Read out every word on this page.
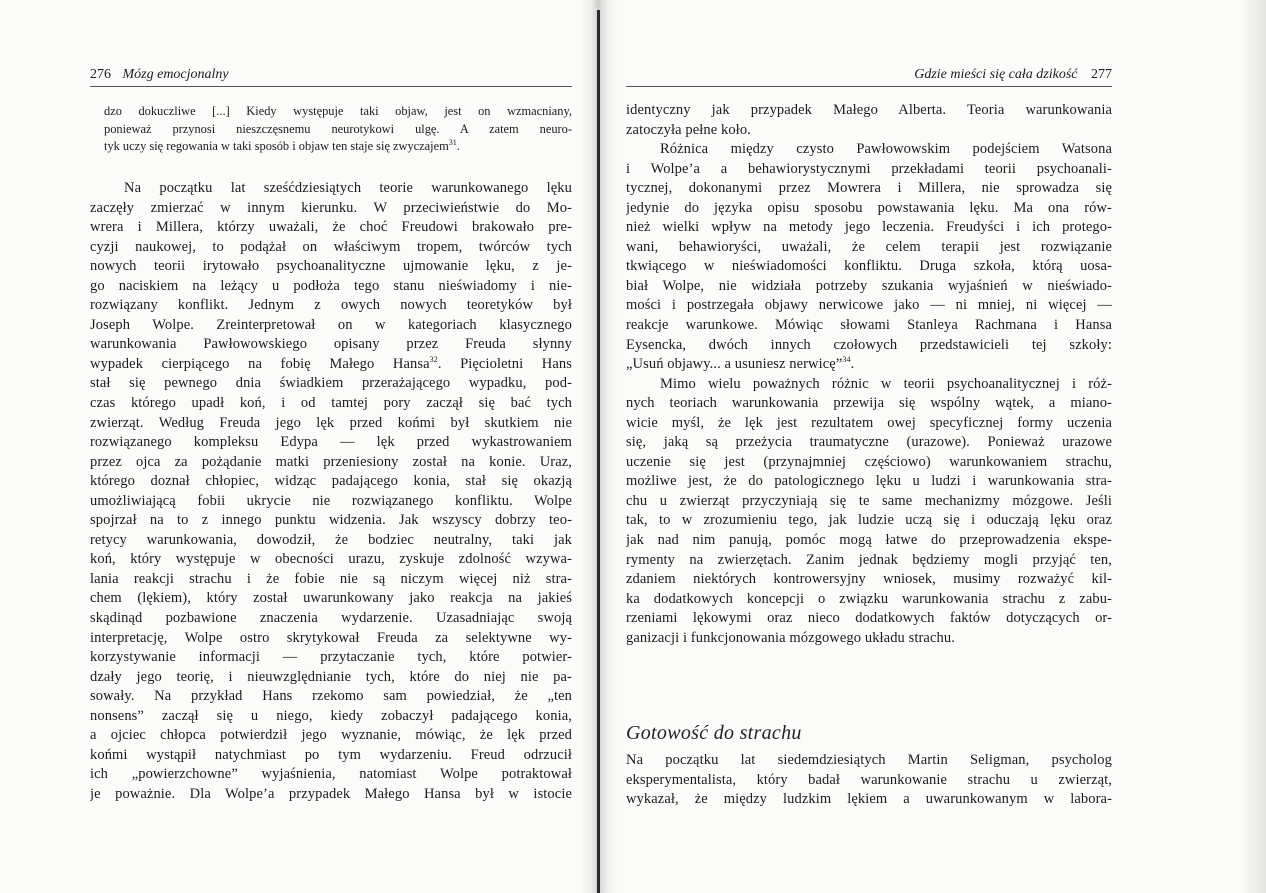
276 Mózg emocjonalny
dzo dokuczliwe [...] Kiedy występuje taki objaw, jest on wzmacniany,
ponieważ przynosi nieszczęsnemu neurotykowi ulgę. A zatem neuro-
tyk uczy się regowania w taki sposób i objaw ten staje się zwyczajem$^{31}$.
Na początku lat sześćdziesiątych teorie warunkowanego lęku
zaczęły zmierzać w innym kierunku. W przeciwieństwie do Mo-
wrera i Millera, którzy uważali, że choć Freudowi brakowało pre-
cyzji naukowej, to podążał on właściwym tropem, twórców tych
nowych teorii irytowało psychoanalityczne ujmowanie lęku, z je-
go naciskiem na leżący u podłoża tego stanu nieświadomy i nie-
rozwiązany konflikt. Jednym z owych nowych teoretyków był
Joseph Wolpe. Zreinterpretował on w kategoriach klasycznego
warunkowania Pawłowowskiego opisany przez Freuda słynny
wypadek cierpiącego na fobię Małego Hansa$^{32}$. Pięcioletni Hans
stał się pewnego dnia świadkiem przerażającego wypadku, pod-
czas którego upadł koń, i od tamtej pory zaczął się bać tych
zwierząt. Według Freuda jego lęk przed końmi był skutkiem nie
rozwiązanego kompleksu Edypa — lęk przed wykastrowaniem
przez ojca za pożądanie matki przeniesiony został na konie. Uraz,
którego doznał chłopiec, widząc padającego konia, stał się okazją
umożliwiającą fobii ukrycie nie rozwiązanego konfliktu. Wolpe
spojrzał na to z innego punktu widzenia. Jak wszyscy dobrzy teo-
retycy warunkowania, dowodził, że bodziec neutralny, taki jak
koń, który występuje w obecności urazu, zyskuje zdolność wzywa-
lania reakcji strachu i że fobie nie są niczym więcej niż stra-
chem (lękiem), który został uwarunkowany jako reakcja na jakieś
skądinąd pozbawione znaczenia wydarzenie. Uzasadniając swoją
interpretację, Wolpe ostro skrytykował Freuda za selektywne wy-
korzystywanie informacji — przytaczanie tych, które potwier-
dzały jego teorię, i nieuwzględnianie tych, które do niej nie pa-
sowały. Na przykład Hans rzekomo sam powiedział, że „ten
nonsens” zaczął się u niego, kiedy zobaczył padającego konia,
a ojciec chłopca potwierdził jego wyznanie, mówiąc, że lęk przed
końmi wystąpił natychmiast po tym wydarzeniu. Freud odrzucił
ich „powierzchowne” wyjaśnienia, natomiast Wolpe potraktował
je poważnie. Dla Wolpe’a przypadek Małego Hansa był w istocie
Gdzie mieści się cała dzikość 277
identyczny jak przypadek Małego Alberta. Teoria warunkowania
zatoczyła pełne koło.
Różnica między czysto Pawłowowskim podejściem Watsona
i Wolpe’a a behawiorystycznymi przekładami teorii psychoanali-
tycznej, dokonanymi przez Mowrera i Millera, nie sprowadza się
jedynie do języka opisu sposobu powstawania lęku. Ma ona rów-
nież wielki wpływ na metody jego leczenia. Freudyści i ich protego-
wani, behawioryści, uważali, że celem terapii jest rozwiązanie
tkwiącego w nieświadomości konfliktu. Druga szkoła, którą uosa-
biał Wolpe, nie widziała potrzeby szukania wyjaśnień w nieświado-
mości i postrzegała objawy nerwicowe jako — ni mniej, ni więcej —
reakcje warunkowe. Mówiąc słowami Stanleya Rachmana i Hansa
Eysencka, dwóch innych czołowych przedstawicieli tej szkoły:
„Usuń objawy... a usuniesz nerwicę”$^{34}$.
Mimo wielu poważnych różnic w teorii psychoanalitycznej i róż-
nych teoriach warunkowania przewija się wspólny wątek, a miano-
wicie myśl, że lęk jest rezultatem owej specyficznej formy uczenia
się, jaką są przeżycia traumatyczne (urazowe). Ponieważ urazowe
uczenie się jest (przynajmniej częściowo) warunkowaniem strachu,
możliwe jest, że do patologicznego lęku u ludzi i warunkowania stra-
chu u zwierząt przyczyniają się te same mechanizmy mózgowe. Jeśli
tak, to w zrozumieniu tego, jak ludzie uczą się i oduczają lęku oraz
jak nad nim panują, pomóc mogą łatwe do przeprowadzenia ekspe-
rymenty na zwierzętach. Zanim jednak będziemy mogli przyjąć ten,
zdaniem niektórych kontrowersyjny wniosek, musimy rozważyć kil-
ka dodatkowych koncepcji o związku warunkowania strachu z zabu-
rzeniami lękowymi oraz nieco dodatkowych faktów dotyczących or-
ganizacji i funkcjonowania mózgowego układu strachu.
Gotowość do strachu
Na początku lat siedemdziesiątych Martin Seligman, psycholog
eksperymentalista, który badał warunkowanie strachu u zwierząt,
wykazał, że między ludzkim lękiem a uwarunkowanym w labora-
